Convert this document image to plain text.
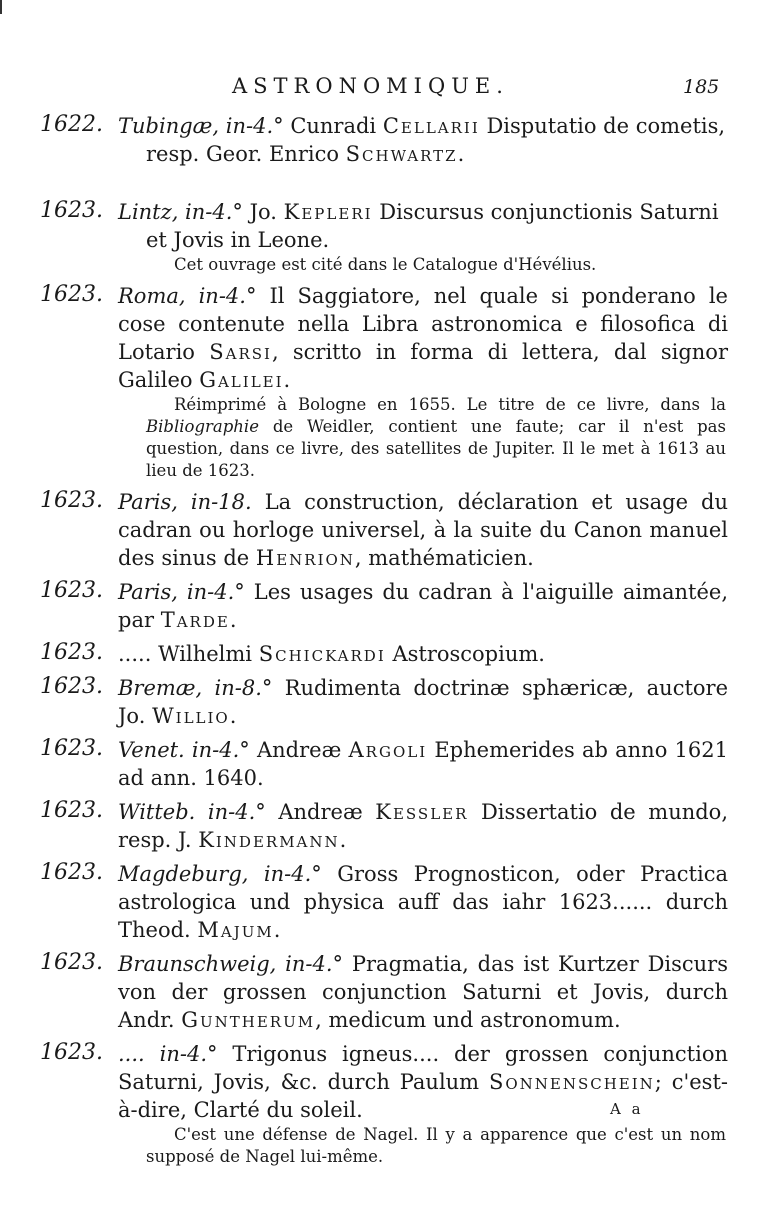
ASTRONOMIQUE.	185
1622. Tubingæ, in-4.° Cunradi Cellarii Disputatio de cometis,
resp. Geor. Enrico Schwartz.
1623. Lintz, in-4.° Jo. Kepleri Discursus conjunctionis Saturni
et Jovis in Leone.
Cet ouvrage est cité dans le Catalogue d'Hévélius.
1623. Roma, in-4.° Il Saggiatore, nel quale si ponderano le cose contenute nella Libra astronomica e filosofica di Lotario Sarsi, scritto in forma di lettera, dal signor Galileo Galilei.
Réimprimé à Bologne en 1655. Le titre de ce livre, dans la Bibliographie de Weidler, contient une faute; car il n'est pas question, dans ce livre, des satellites de Jupiter. Il le met à 1613 au lieu de 1623.
1623. Paris, in-18. La construction, déclaration et usage du cadran ou horloge universel, à la suite du Canon manuel des sinus de Henrion, mathématicien.
1623. Paris, in-4.° Les usages du cadran à l'aiguille aimantée, par Tarde.
1623. ..... Wilhelmi Schickardi Astroscopium.
1623. Bremæ, in-8.° Rudimenta doctrinæ sphæricæ, auctore Jo. Willio.
1623. Venet. in-4.° Andreæ Argoli Ephemerides ab anno 1621 ad ann. 1640.
1623. Witteb. in-4.° Andreæ Kessler Dissertatio de mundo, resp. J. Kindermann.
1623. Magdeburg, in-4.° Gross Prognosticon, oder Practica astrologica und physica auff das iahr 1623...... durch Theod. Majum.
1623. Braunschweig, in-4.° Pragmatia, das ist Kurtzer Discurs von der grossen conjunction Saturni et Jovis, durch Andr. Guntherum, medicum und astronomum.
1623. .... in-4.° Trigonus igneus.... der grossen conjunction Saturni, Jovis, &c. durch Paulum Sonnenschein; c'est-à-dire, Clarté du soleil.
C'est une défense de Nagel. Il y a apparence que c'est un nom supposé de Nagel lui-même.
A a
